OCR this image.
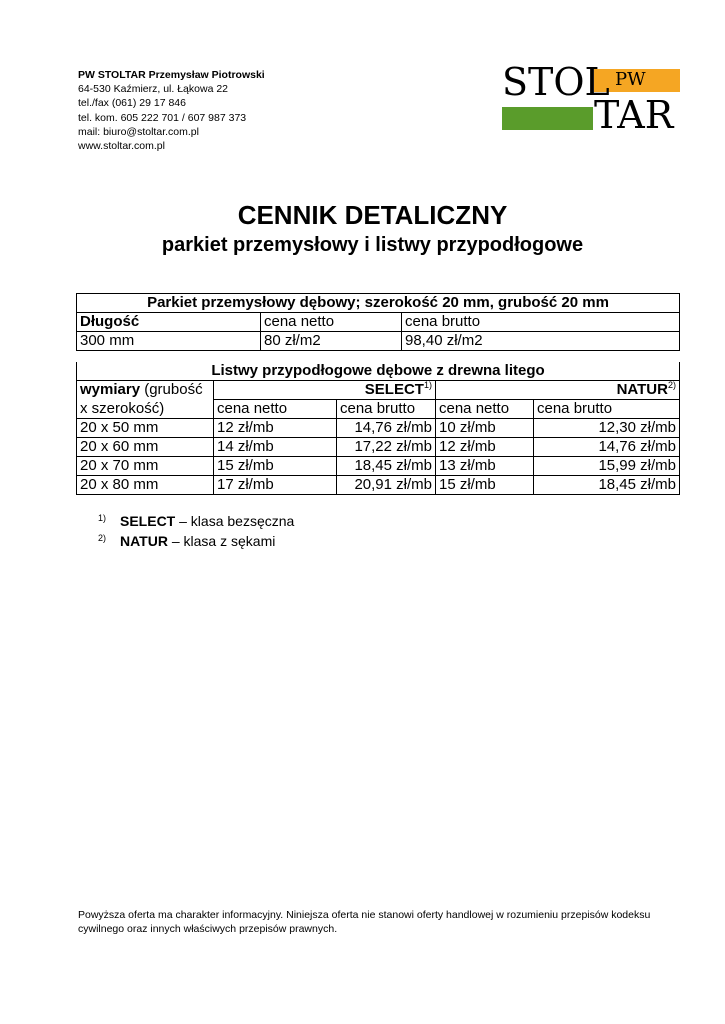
PW STOLTAR Przemysław Piotrowski
64-530 Kaźmierz, ul. Łąkowa 22
tel./fax (061) 29 17 846
tel. kom. 605 222 701 / 607 987 373
mail: biuro@stoltar.com.pl
www.stoltar.com.pl
STOL PW
TAR
CENNIK DETALICZNY
parkiet przemysłowy i listwy przypodłogowe
Parkiet przemysłowy dębowy; szerokość 20 mm, grubość 20 mm		
Długość	cena netto	cena brutto
300 mm	80 zł/m2	98,40 zł/m2
Listwy przypodłogowe dębowe z drewna litego				
wymiary (grubość	SELECT$^{1)}$		NATUR$^{2)}$
x szerokość)	cena netto	cena brutto	cena netto	cena brutto
20 x 50 mm	12 zł/mb	14,76 zł/mb	10 zł/mb	12,30 zł/mb
20 x 60 mm	14 zł/mb	17,22 zł/mb	12 zł/mb	14,76 zł/mb
20 x 70 mm	15 zł/mb	18,45 zł/mb	13 zł/mb	15,99 zł/mb
20 x 80 mm	17 zł/mb	20,91 zł/mb	15 zł/mb	18,45 zł/mb
1) SELECT – klasa bezsęczna
2) NATUR – klasa z sękami
Powyższa oferta ma charakter informacyjny. Niniejsza oferta nie stanowi oferty handlowej w rozumieniu przepisów kodeksu cywilnego oraz innych właściwych przepisów prawnych.
